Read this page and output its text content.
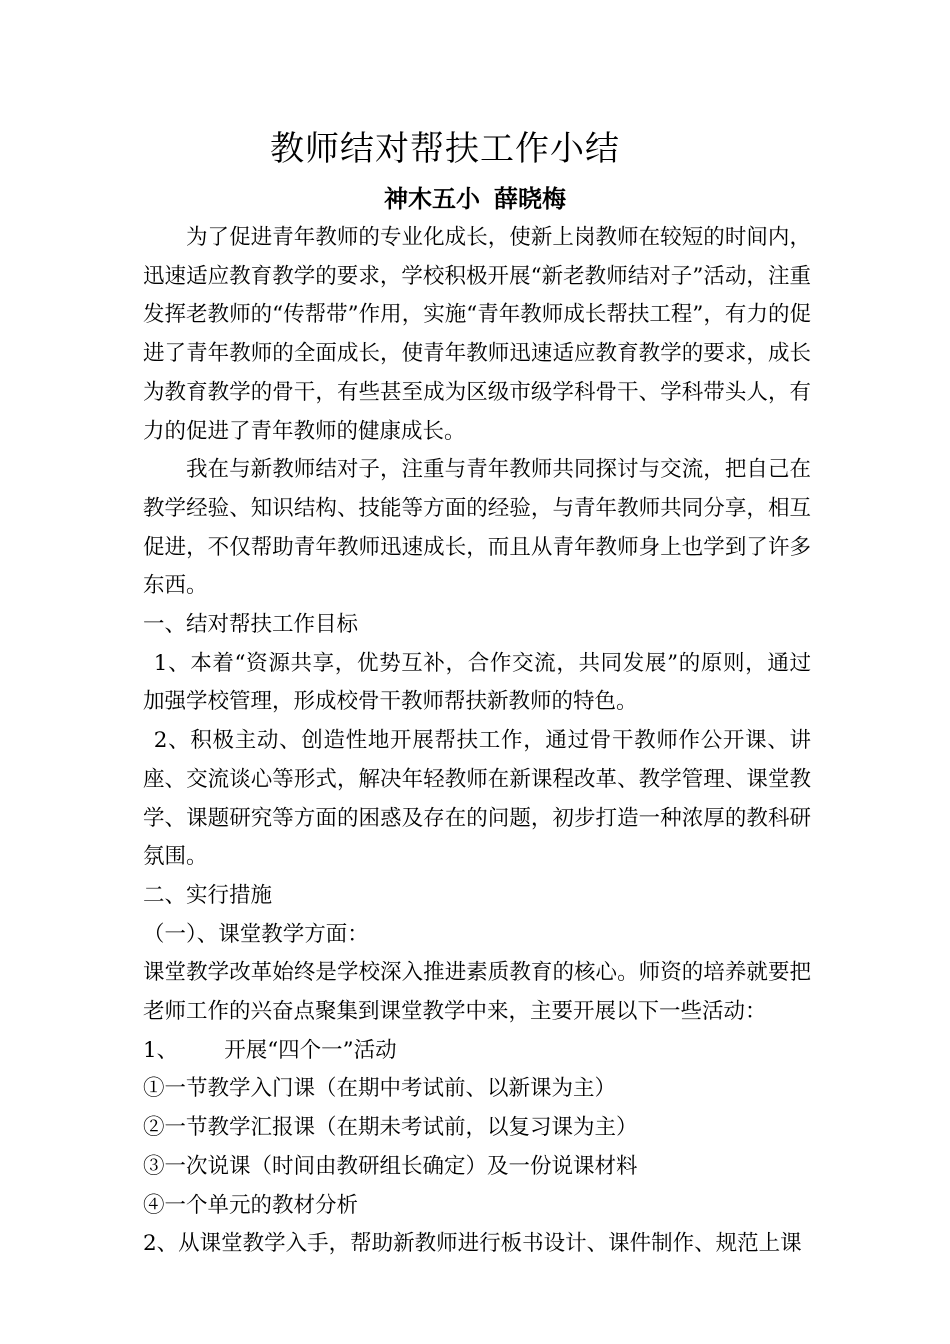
教师结对帮扶工作小结

神木五小 薛晓梅

为了促进青年教师的专业化成长，使新上岗教师在较短的时间内，迅速适应教育教学的要求，学校积极开展“新老教师结对子”活动，注重发挥老教师的“传帮带”作用，实施“青年教师成长帮扶工程”，有力的促进了青年教师的全面成长，使青年教师迅速适应教育教学的要求，成长为教育教学的骨干，有些甚至成为区级市级学科骨干、学科带头人，有力的促进了青年教师的健康成长。

我在与新教师结对子，注重与青年教师共同探讨与交流，把自己在教学经验、知识结构、技能等方面的经验，与青年教师共同分享，相互促进，不仅帮助青年教师迅速成长，而且从青年教师身上也学到了许多东西。

一、结对帮扶工作目标

1、本着“资源共享，优势互补，合作交流，共同发展”的原则，通过加强学校管理，形成校骨干教师帮扶新教师的特色。

2、积极主动、创造性地开展帮扶工作，通过骨干教师作公开课、讲座、交流谈心等形式，解决年轻教师在新课程改革、教学管理、课堂教学、课题研究等方面的困惑及存在的问题，初步打造一种浓厚的教科研氛围。

二、实行措施

（一）、课堂教学方面：

课堂教学改革始终是学校深入推进素质教育的核心。师资的培养就要把老师工作的兴奋点聚集到课堂教学中来，主要开展以下一些活动：

1、 开展“四个一”活动

①一节教学入门课（在期中考试前、以新课为主）

②一节教学汇报课（在期未考试前，以复习课为主）

③一次说课（时间由教研组长确定）及一份说课材料

④一个单元的教材分析

2、从课堂教学入手，帮助新教师进行板书设计、课件制作、规范上课
